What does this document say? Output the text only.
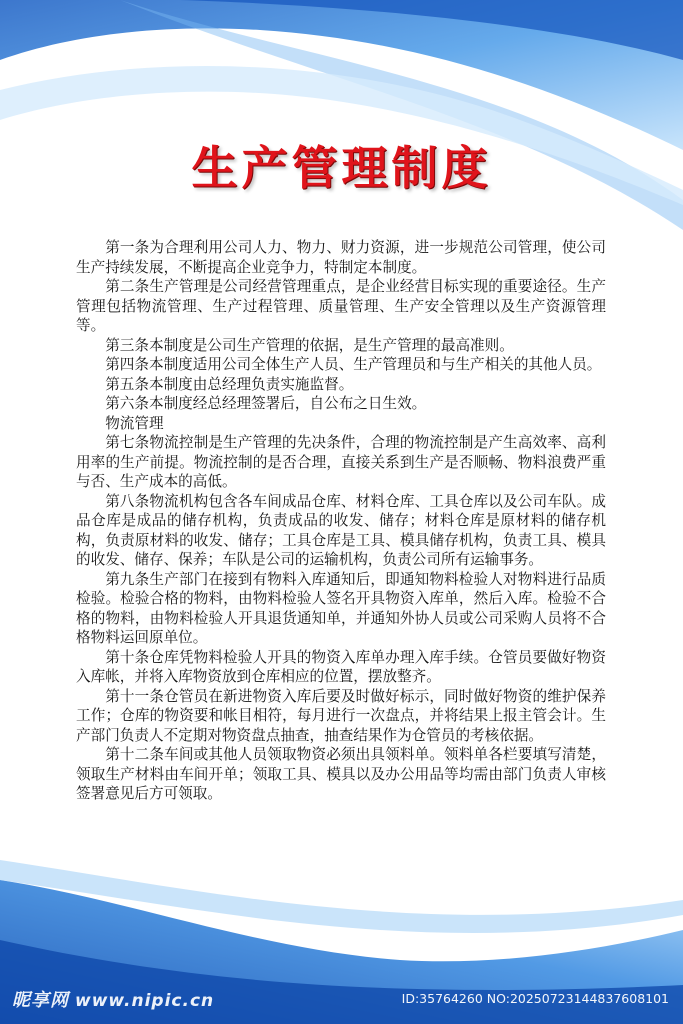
生产管理制度

第一条为合理利用公司人力、物力、财力资源，进一步规范公司管理，使公司生产持续发展，不断提高企业竞争力，特制定本制度。

第二条生产管理是公司经营管理重点，是企业经营目标实现的重要途径。生产管理包括物流管理、生产过程管理、质量管理、生产安全管理以及生产资源管理等。

第三条本制度是公司生产管理的依据，是生产管理的最高准则。

第四条本制度适用公司全体生产人员、生产管理员和与生产相关的其他人员。

第五条本制度由总经理负责实施监督。

第六条本制度经总经理签署后，自公布之日生效。

物流管理

第七条物流控制是生产管理的先决条件，合理的物流控制是产生高效率、高利用率的生产前提。物流控制的是否合理，直接关系到生产是否顺畅、物料浪费严重与否、生产成本的高低。

第八条物流机构包含各车间成品仓库、材料仓库、工具仓库以及公司车队。成品仓库是成品的储存机构，负责成品的收发、储存；材料仓库是原材料的储存机构，负责原材料的收发、储存；工具仓库是工具、模具储存机构，负责工具、模具的收发、储存、保养；车队是公司的运输机构，负责公司所有运输事务。

第九条生产部门在接到有物料入库通知后，即通知物料检验人对物料进行品质检验。检验合格的物料，由物料检验人签名开具物资入库单，然后入库。检验不合格的物料，由物料检验人开具退货通知单，并通知外协人员或公司采购人员将不合格物料运回原单位。

第十条仓库凭物料检验人开具的物资入库单办理入库手续。仓管员要做好物资入库帐，并将入库物资放到仓库相应的位置，摆放整齐。

第十一条仓管员在新进物资入库后要及时做好标示，同时做好物资的维护保养工作；仓库的物资要和帐目相符，每月进行一次盘点，并将结果上报主管会计。生产部门负责人不定期对物资盘点抽查，抽查结果作为仓管员的考核依据。

第十二条车间或其他人员领取物资必须出具领料单。领料单各栏要填写清楚，领取生产材料由车间开单；领取工具、模具以及办公用品等均需由部门负责人审核签署意见后方可领取。

昵享网 www.nipic.cn	ID:35764260 NO:20250723144837608101
